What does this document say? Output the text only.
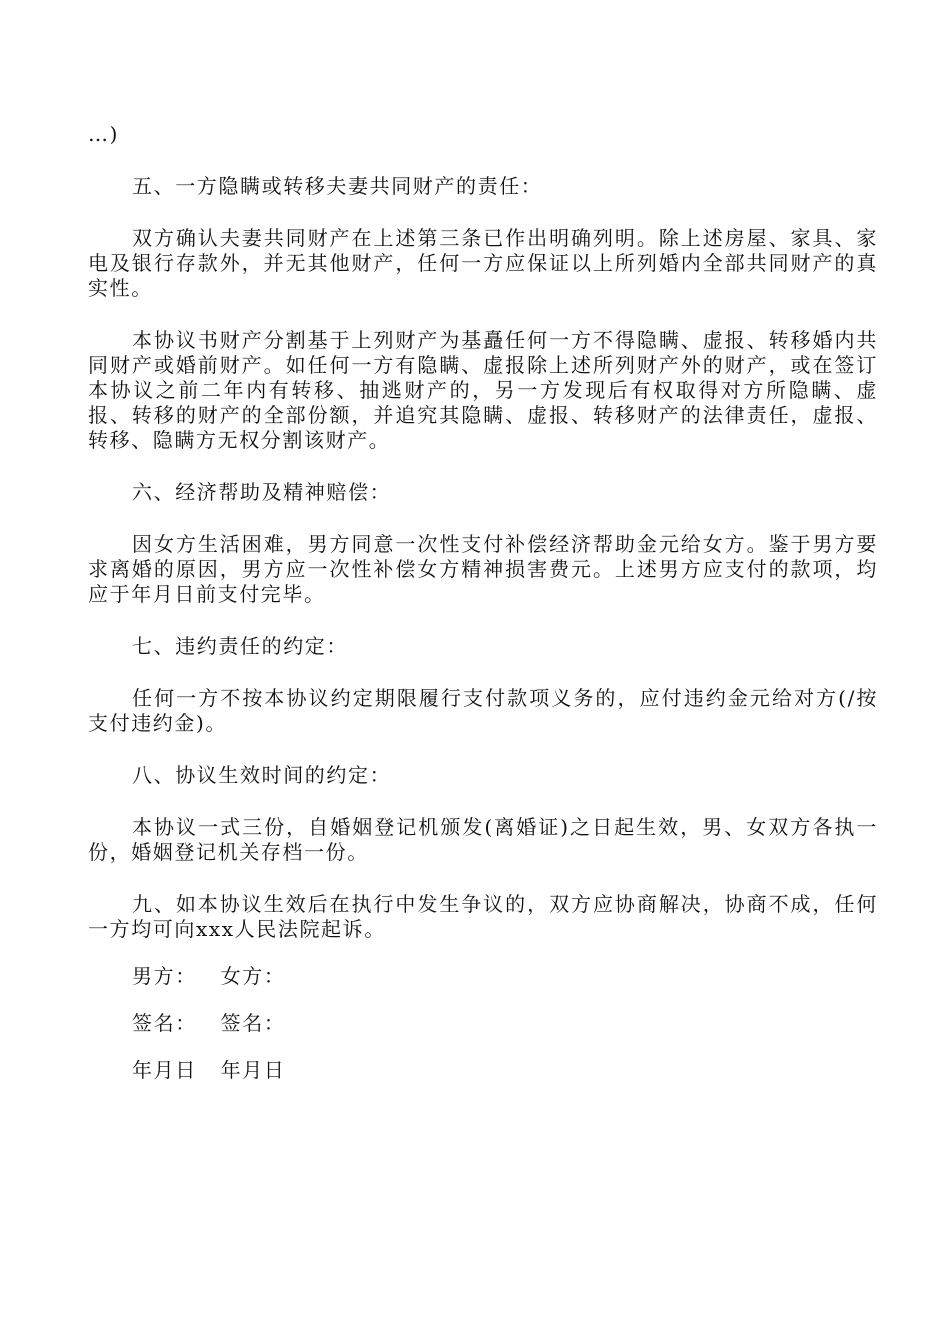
…)

五、一方隐瞒或转移夫妻共同财产的责任：

双方确认夫妻共同财产在上述第三条已作出明确列明。除上述房屋、家具、家电及银行存款外，并无其他财产，任何一方应保证以上所列婚内全部共同财产的真实性。

本协议书财产分割基于上列财产为基矗任何一方不得隐瞒、虚报、转移婚内共同财产或婚前财产。如任何一方有隐瞒、虚报除上述所列财产外的财产，或在签订本协议之前二年内有转移、抽逃财产的，另一方发现后有权取得对方所隐瞒、虚报、转移的财产的全部份额，并追究其隐瞒、虚报、转移财产的法律责任，虚报、转移、隐瞒方无权分割该财产。

六、经济帮助及精神赔偿：

因女方生活困难，男方同意一次性支付补偿经济帮助金元给女方。鉴于男方要求离婚的原因，男方应一次性补偿女方精神损害费元。上述男方应支付的款项，均应于年月日前支付完毕。

七、违约责任的约定：

任何一方不按本协议约定期限履行支付款项义务的，应付违约金元给对方(/按支付违约金)。

八、协议生效时间的约定：

本协议一式三份，自婚姻登记机颁发(离婚证)之日起生效，男、女双方各执一份，婚姻登记机关存档一份。

九、如本协议生效后在执行中发生争议的，双方应协商解决，协商不成，任何一方均可向xxx人民法院起诉。

男方：   女方：
签名：   签名：
年月日   年月日
